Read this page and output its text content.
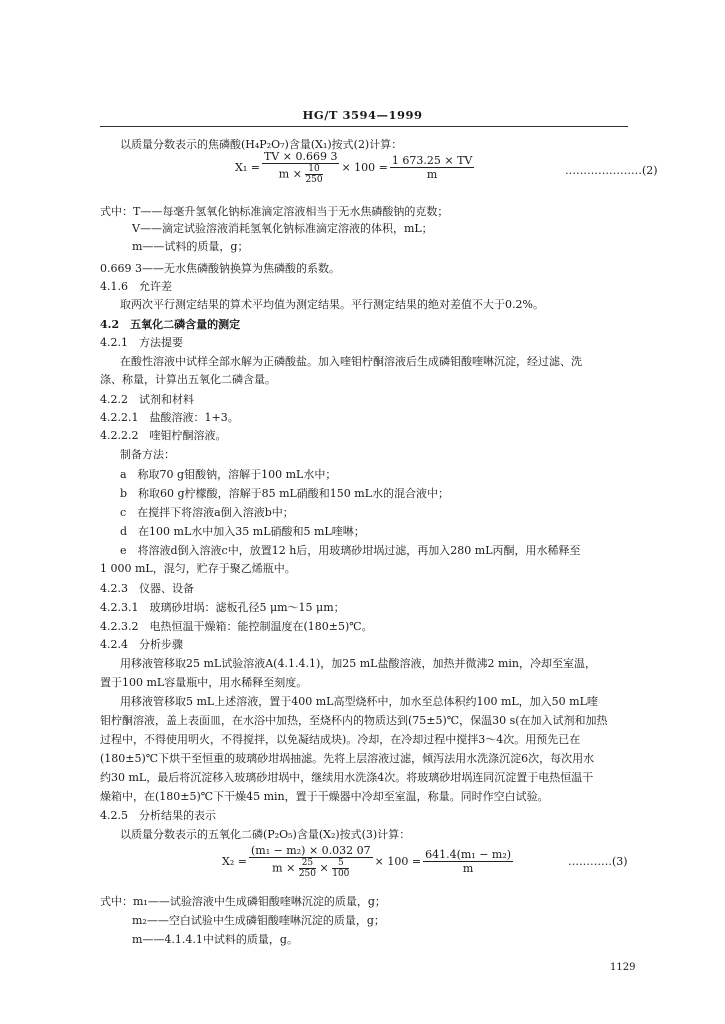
HG/T 3594—1999
以质量分数表示的焦磷酸(H₄P₂O₇)含量(X₁)按式(2)计算：
$X_1 = \frac{TV \times 0.669 3}{m \times \frac{10}{250}} \times 100 = \frac{1 673.25 \times TV}{m}$	…………………(2)
式中：T——每毫升氢氧化钠标准滴定溶液相当于无水焦磷酸钠的克数；
V——滴定试验溶液消耗氢氧化钠标准滴定溶液的体积，mL；
m——试料的质量，g；
0.669 3——无水焦磷酸钠换算为焦磷酸的系数。
4.1.6　允许差
取两次平行测定结果的算术平均值为测定结果。平行测定结果的绝对差值不大于0.2%。
4.2　五氧化二磷含量的测定
4.2.1　方法提要
在酸性溶液中试样全部水解为正磷酸盐。加入喹钼柠酮溶液后生成磷钼酸喹啉沉淀，经过滤、洗
涤、称量，计算出五氧化二磷含量。
4.2.2　试剂和材料
4.2.2.1　盐酸溶液：1+3。
4.2.2.2　喹钼柠酮溶液。
制备方法：
a　称取70 g钼酸钠，溶解于100 mL水中；
b　称取60 g柠檬酸，溶解于85 mL硝酸和150 mL水的混合液中；
c　在搅拌下将溶液a倒入溶液b中；
d　在100 mL水中加入35 mL硝酸和5 mL喹啉；
e　将溶液d倒入溶液c中，放置12 h后，用玻璃砂坩埚过滤，再加入280 mL丙酮，用水稀释至
1 000 mL，混匀，贮存于聚乙烯瓶中。
4.2.3　仪器、设备
4.2.3.1　玻璃砂坩埚：滤板孔径5 μm～15 μm；
4.2.3.2　电热恒温干燥箱：能控制温度在(180±5)℃。
4.2.4　分析步骤
用移液管移取25 mL试验溶液A(4.1.4.1)，加25 mL盐酸溶液，加热并微沸2 min，冷却至室温，
置于100 mL容量瓶中，用水稀释至刻度。
用移液管移取5 mL上述溶液，置于400 mL高型烧杯中，加水至总体积约100 mL，加入50 mL喹
钼柠酮溶液，盖上表面皿，在水浴中加热，至烧杯内的物质达到(75±5)℃，保温30 s(在加入试剂和加热
过程中，不得使用明火，不得搅拌，以免凝结成块)。冷却，在冷却过程中搅拌3～4次。用预先已在
(180±5)℃下烘干至恒重的玻璃砂坩埚抽滤。先将上层溶液过滤，倾泻法用水洗涤沉淀6次，每次用水
约30 mL，最后将沉淀移入玻璃砂坩埚中，继续用水洗涤4次。将玻璃砂坩埚连同沉淀置于电热恒温干
燥箱中，在(180±5)℃下干燥45 min，置于干燥器中冷却至室温，称量。同时作空白试验。
4.2.5　分析结果的表示
以质量分数表示的五氧化二磷(P₂O₅)含量(X₂)按式(3)计算：
X₂ =
(m₁ − m₂) × 0.032 07
$m \times \frac{25}{250} \times \frac{5}{100} \times 100 = \frac{\text{641.4(m₁ − m₂)}}{m}$	…………(3)
式中：m₁——试验溶液中生成磷钼酸喹啉沉淀的质量，g；
m₂——空白试验中生成磷钼酸喹啉沉淀的质量，g；
m——4.1.4.1中试料的质量，g。
1129
